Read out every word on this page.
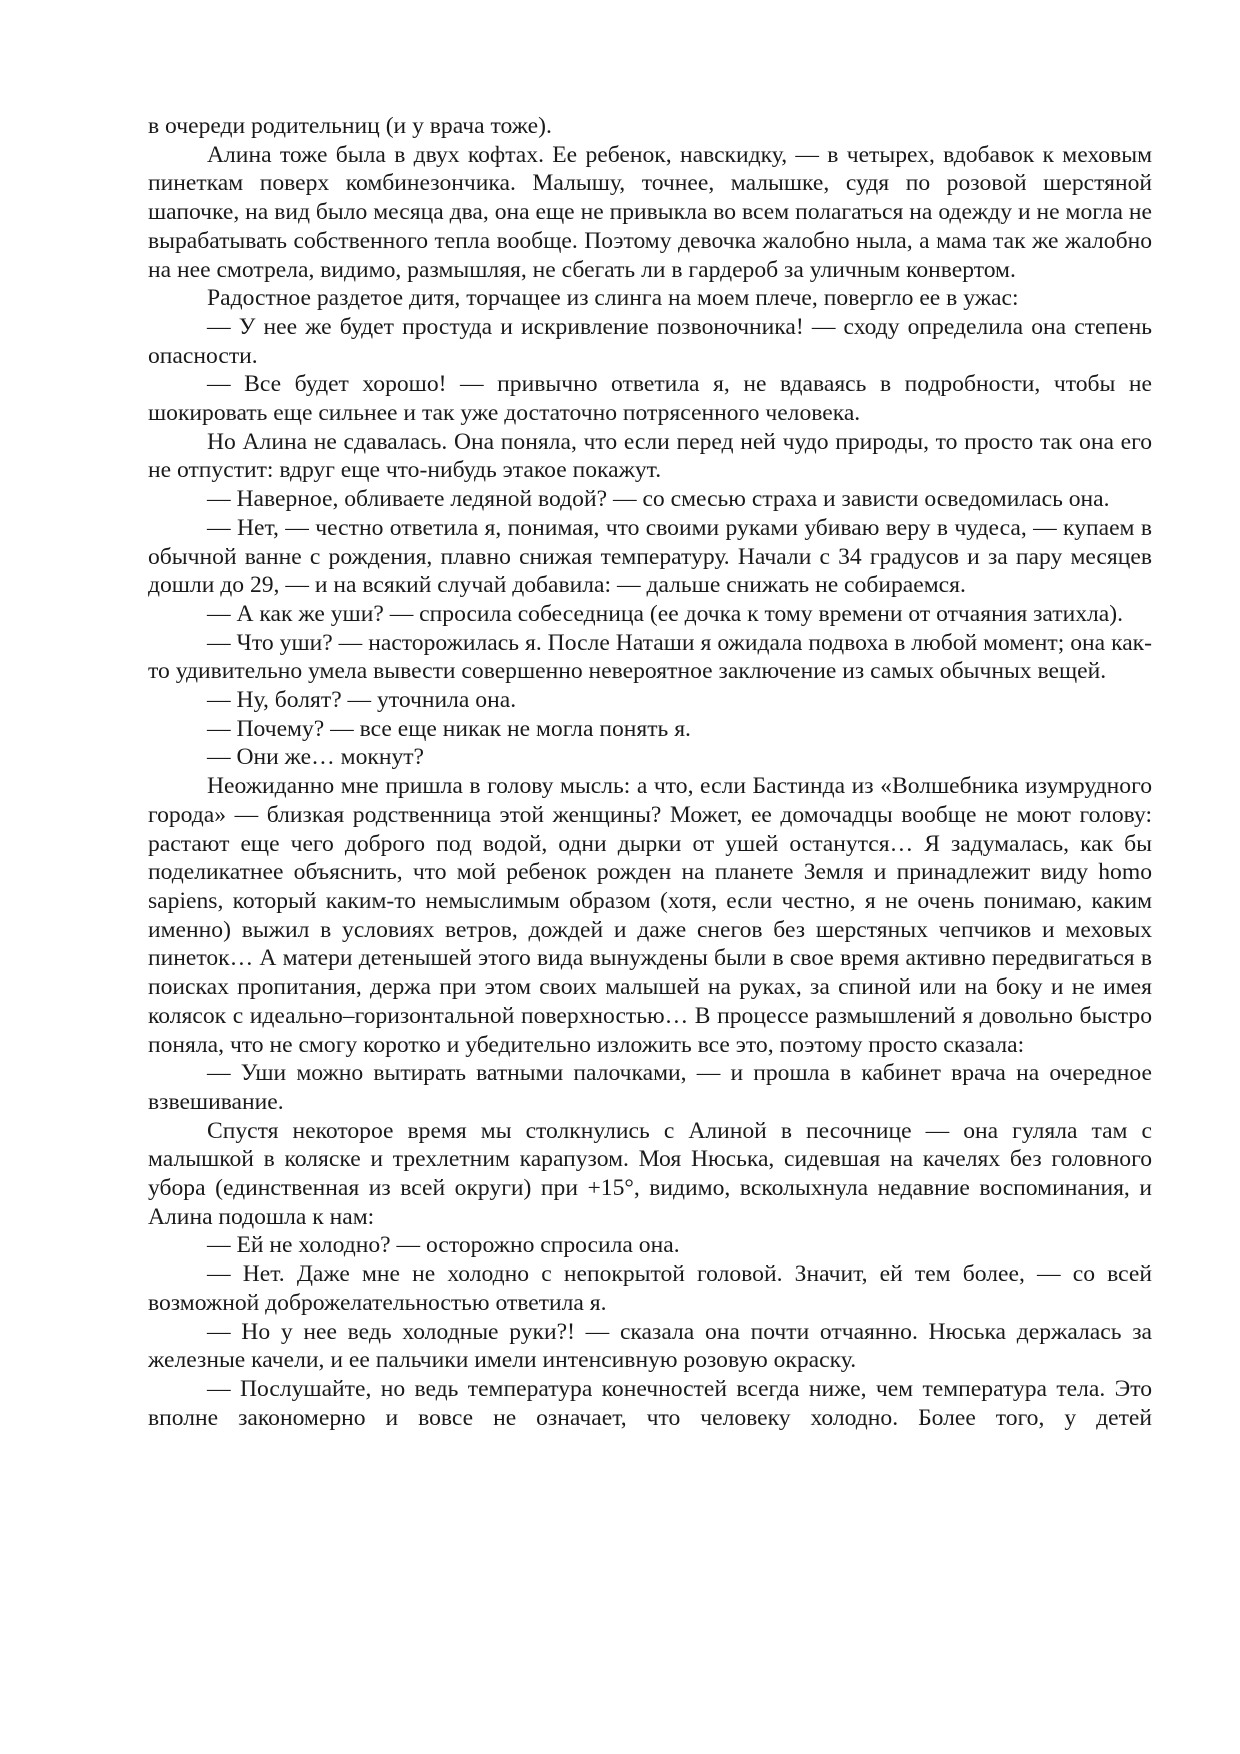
в очереди родительниц (и у врача тоже).

Алина тоже была в двух кофтах. Ее ребенок, навскидку, — в четырех, вдобавок к меховым пинеткам поверх комбинезончика. Малышу, точнее, малышке, судя по розовой шерстяной шапочке, на вид было месяца два, она еще не привыкла во всем полагаться на одежду и не могла не вырабатывать собственного тепла вообще. Поэтому девочка жалобно ныла, а мама так же жалобно на нее смотрела, видимо, размышляя, не сбегать ли в гардероб за уличным конвертом.

Радостное раздетое дитя, торчащее из слинга на моем плече, повергло ее в ужас:

— У нее же будет простуда и искривление позвоночника! — сходу определила она степень опасности.

— Все будет хорошо! — привычно ответила я, не вдаваясь в подробности, чтобы не шокировать еще сильнее и так уже достаточно потрясенного человека.

Но Алина не сдавалась. Она поняла, что если перед ней чудо природы, то просто так она его не отпустит: вдруг еще что-нибудь этакое покажут.

— Наверное, обливаете ледяной водой? — со смесью страха и зависти осведомилась она.

— Нет, — честно ответила я, понимая, что своими руками убиваю веру в чудеса, — купаем в обычной ванне с рождения, плавно снижая температуру. Начали с 34 градусов и за пару месяцев дошли до 29, — и на всякий случай добавила: — дальше снижать не собираемся.

— А как же уши? — спросила собеседница (ее дочка к тому времени от отчаяния затихла).

— Что уши? — насторожилась я. После Наташи я ожидала подвоха в любой момент; она как-то удивительно умела вывести совершенно невероятное заключение из самых обычных вещей.

— Ну, болят? — уточнила она.

— Почему? — все еще никак не могла понять я.

— Они же… мокнут?

Неожиданно мне пришла в голову мысль: а что, если Бастинда из «Волшебника изумрудного города» — близкая родственница этой женщины? Может, ее домочадцы вообще не моют голову: растают еще чего доброго под водой, одни дырки от ушей останутся… Я задумалась, как бы поделикатнее объяснить, что мой ребенок рожден на планете Земля и принадлежит виду homo sapiens, который каким-то немыслимым образом (хотя, если честно, я не очень понимаю, каким именно) выжил в условиях ветров, дождей и даже снегов без шерстяных чепчиков и меховых пинеток… А матери детенышей этого вида вынуждены были в свое время активно передвигаться в поисках пропитания, держа при этом своих малышей на руках, за спиной или на боку и не имея колясок с идеально–горизонтальной поверхностью… В процессе размышлений я довольно быстро поняла, что не смогу коротко и убедительно изложить все это, поэтому просто сказала:

— Уши можно вытирать ватными палочками, — и прошла в кабинет врача на очередное взвешивание.

Спустя некоторое время мы столкнулись с Алиной в песочнице — она гуляла там с малышкой в коляске и трехлетним карапузом. Моя Нюська, сидевшая на качелях без головного убора (единственная из всей округи) при +15°, видимо, всколыхнула недавние воспоминания, и Алина подошла к нам:

— Ей не холодно? — осторожно спросила она.

— Нет. Даже мне не холодно с непокрытой головой. Значит, ей тем более, — со всей возможной доброжелательностью ответила я.

— Но у нее ведь холодные руки?! — сказала она почти отчаянно. Нюська держалась за железные качели, и ее пальчики имели интенсивную розовую окраску.

— Послушайте, но ведь температура конечностей всегда ниже, чем температура тела. Это вполне закономерно и вовсе не означает, что человеку холодно. Более того, у детей
